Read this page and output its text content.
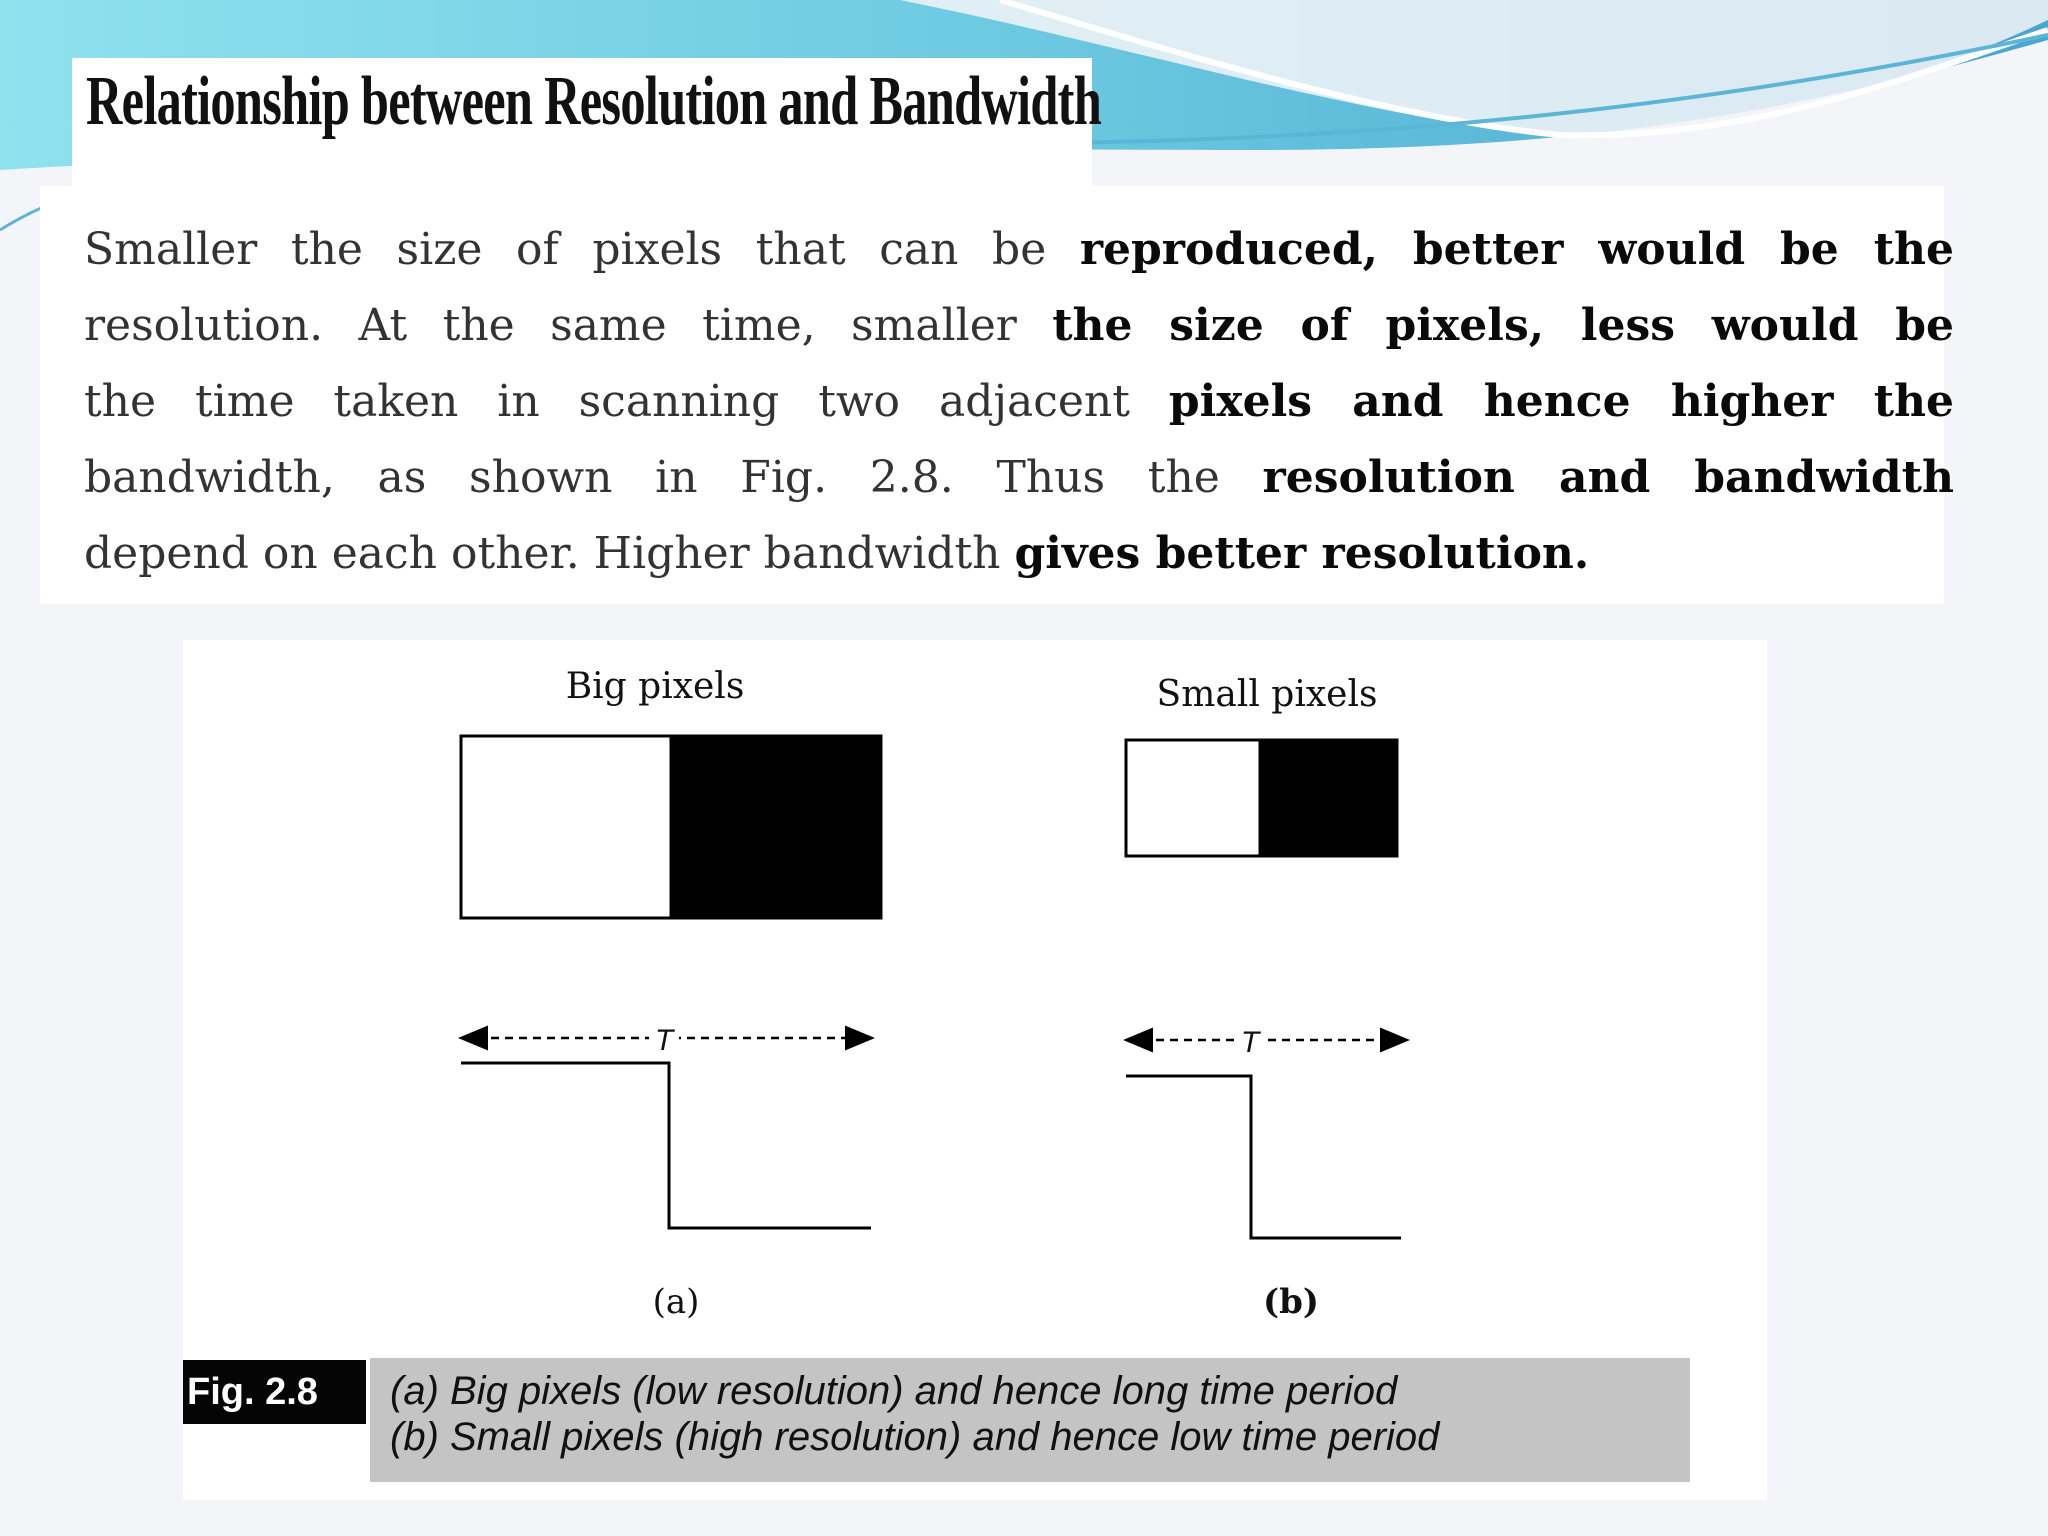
Relationship between Resolution and Bandwidth
Smaller the size of pixels that can be reproduced, better would be the
resolution. At the same time, smaller the size of pixels, less would be
the time taken in scanning two adjacent pixels and hence higher the
bandwidth, as shown in Fig. 2.8. Thus the resolution and bandwidth
depend on each other. Higher bandwidth gives better resolution.
Big pixels
T
(a)
Small pixels
T
(b)
Fig. 2.8	(a) Big pixels (low resolution) and hence long time period
(b) Small pixels (high resolution) and hence low time period
